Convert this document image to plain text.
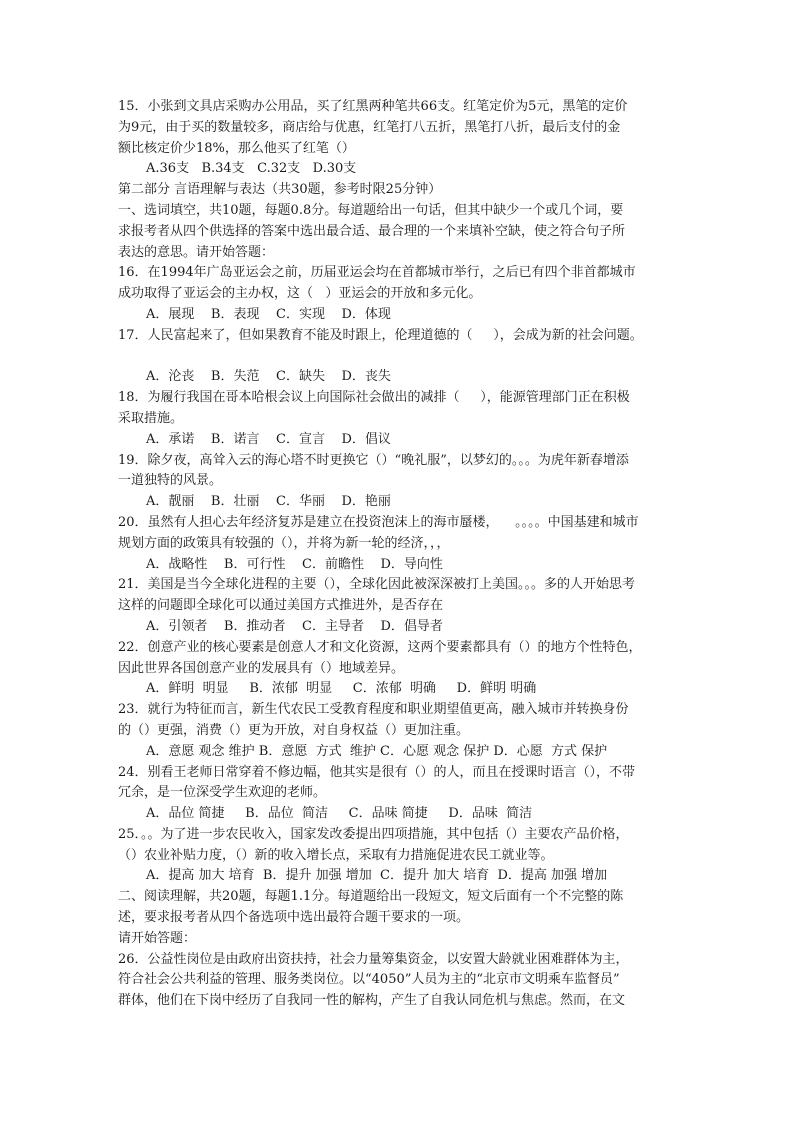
15．小张到文具店采购办公用品，买了红黑两种笔共66支。红笔定价为5元，黑笔的定价
为9元，由于买的数量较多，商店给与优惠，红笔打八五折，黑笔打八折，最后支付的金
额比核定价少18%，那么他买了红笔（）
A.36支   B.34支   C.32支   D.30支
第二部分 言语理解与表达（共30题，参考时限25分钟）
一、选词填空，共10题，每题0.8分。每道题给出一句话，但其中缺少一个或几个词，要
求报考者从四个供选择的答案中选出最合适、最合理的一个来填补空缺，使之符合句子所
表达的意思。请开始答题：
16．在1994年广岛亚运会之前，历届亚运会均在首都城市举行，之后已有四个非首都城市
成功取得了亚运会的主办权，这（   ）亚运会的开放和多元化。
A．展现    B．表现    C．实现    D．体现
17．人民富起来了，但如果教育不能及时跟上，伦理道德的（     ），会成为新的社会问题。
A．沦丧    B．失范    C．缺失    D．丧失
18．为履行我国在哥本哈根会议上向国际社会做出的减排（     ），能源管理部门正在积极
采取措施。
A．承诺    B．诺言    C．宣言    D．倡议
19．除夕夜，高耸入云的海心塔不时更换它（）“晚礼服”，以梦幻的。。。为虎年新春增添
一道独特的风景。
A．靓丽    B．壮丽    C．华丽    D．艳丽
20．虽然有人担心去年经济复苏是建立在投资泡沫上的海市蜃楼，    。。。。中国基建和城市
规划方面的政策具有较强的（），并将为新一轮的经济，，，
A．战略性    B．可行性    C．前瞻性    D．导向性
21．美国是当今全球化进程的主要（），全球化因此被深深被打上美国。。。多的人开始思考
这样的问题即全球化可以通过美国方式推进外，是否存在
A．引领者    B．推动者    C．主导者    D．倡导者
22．创意产业的核心要素是创意人才和文化资源，这两个要素都具有（）的地方个性特色，
因此世界各国创意产业的发展具有（）地域差异。
A．鲜明  明显     B．浓郁  明显     C．浓郁  明确     D．鲜明 明确
23．就行为特征而言，新生代农民工受教育程度和职业期望值更高，融入城市并转换身份
的（）更强，消费（）更为开放，对自身权益（）更加注重。
A．意愿 观念 维护 B．意愿  方式  维护 C．心愿 观念 保护 D．心愿  方式 保护
24．别看王老师日常穿着不修边幅，他其实是很有（）的人，而且在授课时语言（），不带
冗余，是一位深受学生欢迎的老师。
A．品位 简捷     B．品位  简洁     C．品味 简捷     D．品味  简洁
25．。。为了进一步农民收入，国家发改委提出四项措施，其中包括（）主要农产品价格，
（）农业补贴力度，（）新的收入增长点，采取有力措施促进农民工就业等。
A．提高 加大 培育  B．提升 加强 增加  C．提升 加大 培育  D．提高 加强 增加
二、阅读理解，共20题，每题1.1分。每道题给出一段短文，短文后面有一个不完整的陈
述，要求报考者从四个备选项中选出最符合题干要求的一项。
请开始答题：
26．公益性岗位是由政府出资扶持，社会力量筹集资金，以安置大龄就业困难群体为主，
符合社会公共利益的管理、服务类岗位。以“4050”人员为主的“北京市文明乘车监督员”
群体，他们在下岗中经历了自我同一性的解构，产生了自我认同危机与焦虑。然而，在文
